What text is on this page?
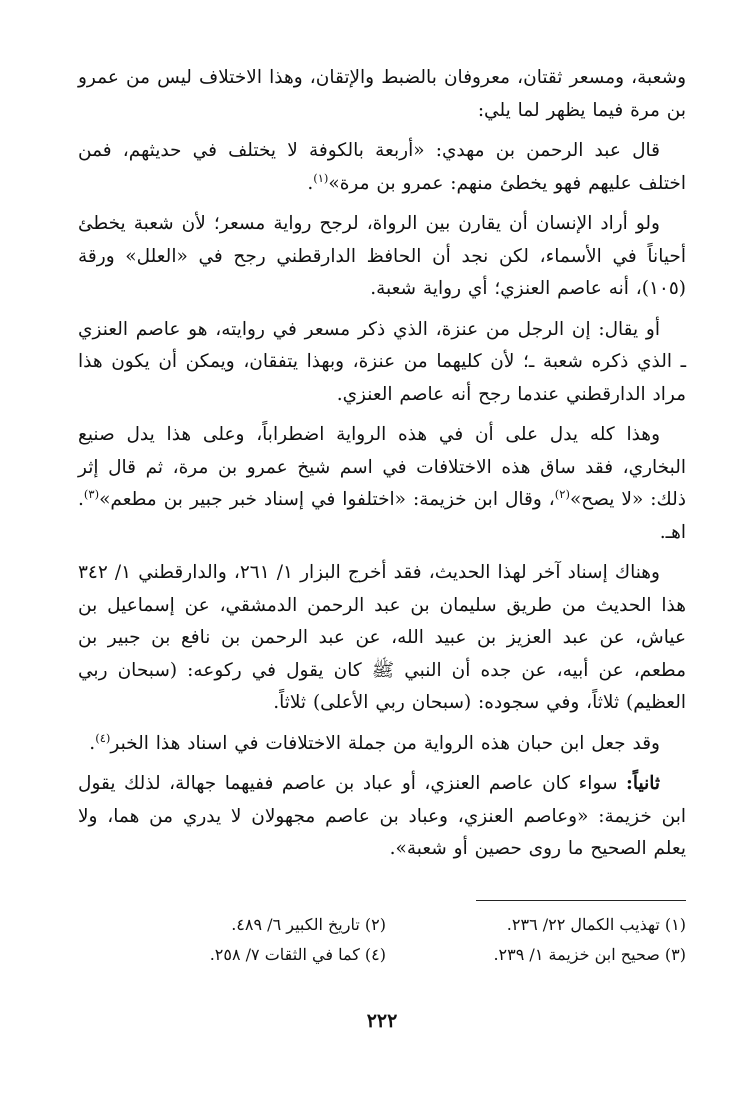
وشعبة، ومسعر ثقتان، معروفان بالضبط والإتقان، وهذا الاختلاف ليس من عمرو بن مرة فيما يظهر لما يلي:

قال عبد الرحمن بن مهدي: «أربعة بالكوفة لا يختلف في حديثهم، فمن اختلف عليهم فهو يخطئ منهم: عمرو بن مرة»$^{(١)}$.

ولو أراد الإنسان أن يقارن بين الرواة، لرجح رواية مسعر؛ لأن شعبة يخطئ أحياناً في الأسماء، لكن نجد أن الحافظ الدارقطني رجح في «العلل» ورقة (١٠٥)، أنه عاصم العنزي؛ أي رواية شعبة.

أو يقال: إن الرجل من عنزة، الذي ذكر مسعر في روايته، هو عاصم العنزي ـ الذي ذكره شعبة ـ؛ لأن كليهما من عنزة، وبهذا يتفقان، ويمكن أن يكون هذا مراد الدارقطني عندما رجح أنه عاصم العنزي.

وهذا كله يدل على أن في هذه الرواية اضطراباً، وعلى هذا يدل صنيع البخاري، فقد ساق هذه الاختلافات في اسم شيخ عمرو بن مرة، ثم قال إثر ذلك: «لا يصح»$^{(٢)}$، وقال ابن خزيمة: «اختلفوا في إسناد خبر جبير بن مطعم»$^{(٣)}$. اهـ.

وهناك إسناد آخر لهذا الحديث، فقد أخرج البزار ١/ ٢٦١، والدارقطني ١/ ٣٤٢ هذا الحديث من طريق سليمان بن عبد الرحمن الدمشقي، عن إسماعيل بن عياش، عن عبد العزيز بن عبيد الله، عن عبد الرحمن بن نافع بن جبير بن مطعم، عن أبيه، عن جده أن النبي ﷺ كان يقول في ركوعه: (سبحان ربي العظيم) ثلاثاً، وفي سجوده: (سبحان ربي الأعلى) ثلاثاً.

وقد جعل ابن حبان هذه الرواية من جملة الاختلافات في اسناد هذا الخبر$^{(٤)}$.

ثانياً: سواء كان عاصم العنزي، أو عباد بن عاصم ففيهما جهالة، لذلك يقول ابن خزيمة: «وعاصم العنزي، وعباد بن عاصم مجهولان لا يدري من هما، ولا يعلم الصحيح ما روى حصين أو شعبة».

(١) تهذيب الكمال ٢٢/ ٢٣٦.
(٢) تاريخ الكبير ٦/ ٤٨٩.
(٣) صحيح ابن خزيمة ١/ ٢٣٩.
(٤) كما في الثقات ٧/ ٢٥٨.
٢٢٢
